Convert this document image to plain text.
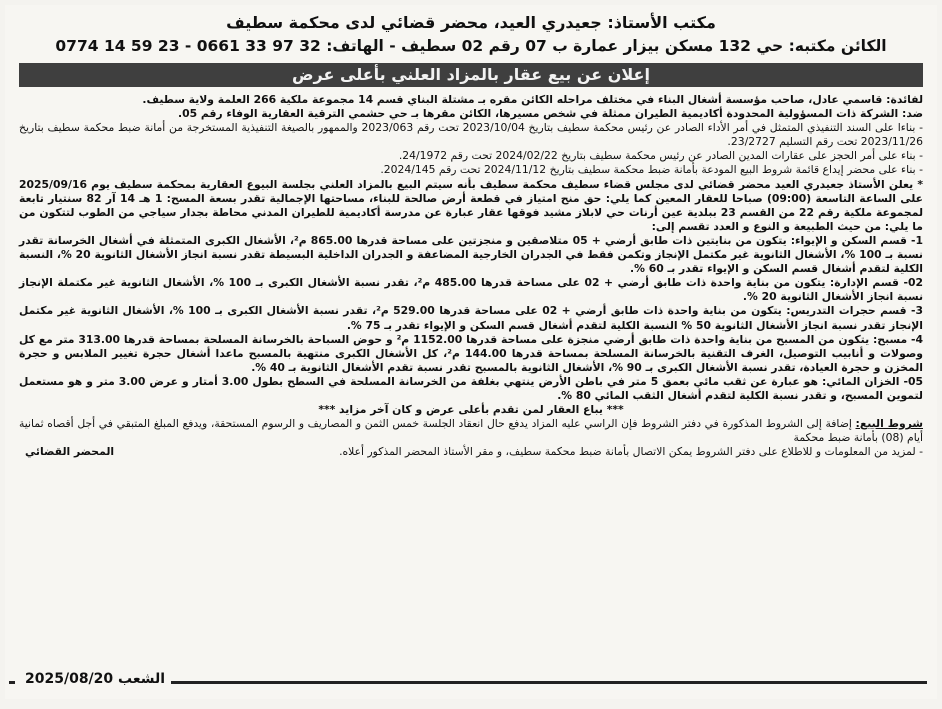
مكتب الأستاذ: جعيدري العيد، محضر قضائي لدى محكمة سطيف
الكائن مكتبه: حي 132 مسكن بيزار عمارة ب 07 رقم 02 سطيف - الهاتف: 32 97 33 0661 - 23 59 14 0774
إعلان عن بيع عقار بالمزاد العلني بأعلى عرض

لفائدة: قاسمي عادل، صاحب مؤسسة أشغال البناء في مختلف مراحله الكائن مقره بـ مشتلة البناي قسم 14 مجموعة ملكية 266 العلمة ولاية سطيف.

ضد: الشركة ذات المسؤولية المحدودة أكاديمية الطيران ممثلة في شخص مسيرها، الكائن مقرها بـ حي حشمي الترقية العقارية الوفاء رقم 05.

- بناءا على السند التنفيذي المتمثل في أمر الأداء الصادر عن رئيس محكمة سطيف بتاريخ 2023/10/04 تحت رقم 2023/063 والممهور بالصيغة التنفيذية المستخرجة من أمانة ضبط محكمة سطيف بتاريخ 2023/11/26 تحت رقم التسليم 23/2727.

- بناء على أمر الحجز على عقارات المدين الصادر عن رئيس محكمة سطيف بتاريخ 2024/02/22 تحت رقم 24/1972.

- بناء على محضر إيداع قائمة شروط البيع المودعة بأمانة ضبط محكمة سطيف بتاريخ 2024/11/12 تحت رقم 2024/145.

* يعلن الأستاذ جعيدري العيد محضر قضائي لدى مجلس قضاء سطيف محكمة سطيف بأنه سيتم البيع بالمزاد العلني بجلسة البيوع العقارية بمحكمة سطيف يوم 2025/09/16 على الساعة التاسعة (09:00) صباحا للعقار المعين كما يلي: حق منح امتياز في قطعة أرض صالحة للبناء، مساحتها الإجمالية تقدر بسعة المسح: 1 هـ 14 آر 82 سنتيار تابعة لمجموعة ملكية رقم 22 من القسم 23 ببلدية عين أرنات حي لابلاز مشيد فوقها عقار عبارة عن مدرسة أكاديمية للطيران المدني محاطة بجدار سياجي من الطوب لتتكون من ما يلي: من حيث الطبيعة و النوع و العدد تقسم إلى:

1- قسم السكن و الإيواء: يتكون من بنايتين ذات طابق أرضي + 05 متلاصقين و منجزتين على مساحة قدرها 865.00 م²، الأشغال الكبرى المتمثلة في أشغال الخرسانة تقدر نسبة بـ 100 %، الأشغال الثانوية غير مكتمل الإنجاز وتكمن فقط في الجدران الخارجية المضاعفة و الجدران الداخلية البسيطة تقدر نسبة انجاز الأشغال الثانوية 20 %، النسبة الكلية لتقدم أشغال قسم السكن و الإيواء تقدر بـ 60 %.

02- قسم الإدارة: يتكون من بناية واحدة ذات طابق أرضي + 02 على مساحة قدرها 485.00 م²، تقدر نسبة الأشغال الكبرى بـ 100 %، الأشغال الثانوية غير مكتملة الإنجاز نسبة انجاز الأشغال الثانوية 20 %.

3- قسم حجرات التدريس: يتكون من بناية واحدة ذات طابق أرضي + 02 على مساحة قدرها 529.00 م²، تقدر نسبة الأشغال الكبرى بـ 100 %، الأشغال الثانوية غير مكتمل الإنجاز تقدر نسبة انجاز الأشغال الثانوية 50 % النسبة الكلية لتقدم أشغال قسم السكن و الإيواء تقدر بـ 75 %.

4- مسبح: يتكون من المسبح من بناية واحدة ذات طابق أرضي منجزة على مساحة قدرها 1152.00 م² و حوض السباحة بالخرسانة المسلحة بمساحة قدرها 313.00 متر مع كل وصولات و أنابيب التوصيل، الغرف التقنية بالخرسانة المسلحة بمساحة قدرها 144.00 م²، كل الأشغال الكبرى منتهية بالمسبح ماعدا أشغال حجرة تغيير الملابس و حجرة المخزن و حجرة العيادة، تقدر نسبة الأشغال الكبرى بـ 90 %، الأشغال الثانوية بالمسبح تقدر نسبة تقدم الأشغال الثانوية بـ 40 %.

05- الخزان المائي: هو عبارة عن ثقب مائي بعمق 5 متر في باطن الأرض ينتهي بغلفة من الخرسانة المسلحة في السطح بطول 3.00 أمتار و عرض 3.00 متر و هو مستعمل لتموين المسبح، و تقدر نسبة الكلية لتقدم أشغال الثقب المائي 80 %.

*** يباع العقار لمن تقدم بأعلى عرض و كان آخر مزايد ***

شروط البيع: إضافة إلى الشروط المذكورة في دفتر الشروط فإن الراسي عليه المزاد يدفع حال انعقاد الجلسة خمس الثمن و المصاريف و الرسوم المستحقة، ويدفع المبلغ المتبقي في أجل أقصاه ثمانية أيام (08) بأمانة ضبط محكمة

- لمزيد من المعلومات و للاطلاع على دفتر الشروط يمكن الاتصال بأمانة ضبط محكمة سطيف، و مقر الأستاذ المحضر المذكور أعلاه.
المحضر القضائي

الشعب 2025/08/20
